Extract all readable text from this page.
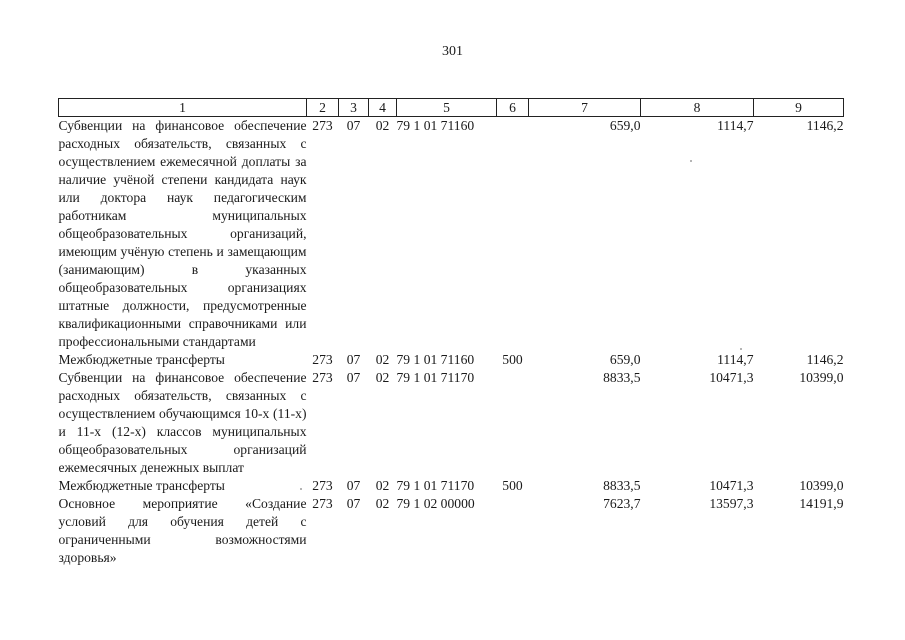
301
1	2	3	4	5	6	7	8	9
Субвенции на финансовое обеспечение расходных обязательств, связанных с осуществлением ежемесячной доплаты за наличие учёной степени кандидата наук или доктора наук педагогическим работникам муниципальных общеобразовательных организаций, имеющим учёную степень и замещающим (занимающим) в указанных общеобразовательных организациях штатные должности, предусмотренные квалификационными справочниками или профессиональными стандартами	273	07	02	79 1 01 71160		659,0	1114,7	1146,2
Межбюджетные трансферты	273	07	02	79 1 01 71160	500	659,0	1114,7	1146,2
Субвенции на финансовое обеспечение расходных обязательств, связанных с осуществлением обучающимся 10-х (11-х) и 11-х (12-х) классов муниципальных общеобразовательных организаций ежемесячных денежных выплат	273	07	02	79 1 01 71170		8833,5	10471,3	10399,0
Межбюджетные трансферты	273	07	02	79 1 01 71170	500	8833,5	10471,3	10399,0
Основное мероприятие «Создание условий для обучения детей с ограниченными возможностями здоровья»	273	07	02	79 1 02 00000		7623,7	13597,3	14191,9
